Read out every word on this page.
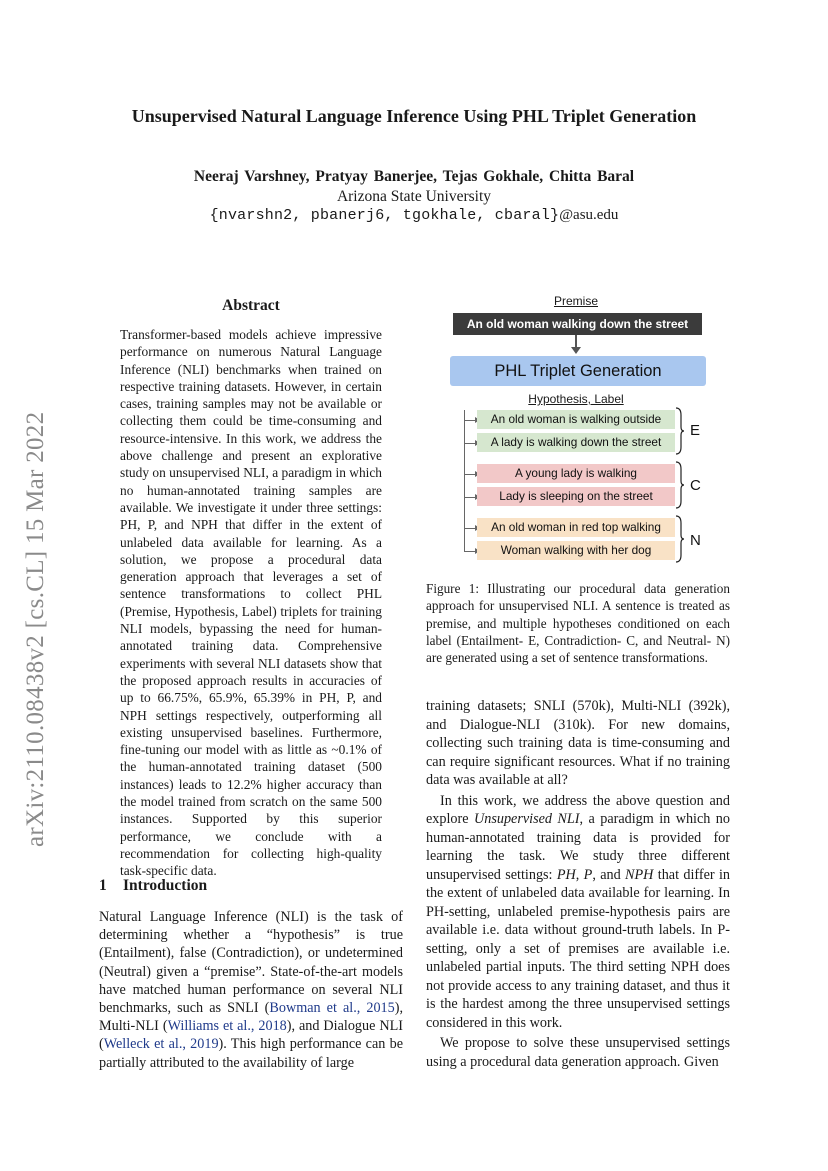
Unsupervised Natural Language Inference Using PHL Triplet Generation
Neeraj Varshney, Pratyay Banerjee, Tejas Gokhale, Chitta Baral
Arizona State University
{nvarshn2, pbanerj6, tgokhale, cbaral}@asu.edu
arXiv:2110.08438v2 [cs.CL] 15 Mar 2022
Abstract
Transformer-based models achieve impressive performance on numerous Natural Language Inference (NLI) benchmarks when trained on respective training datasets. However, in certain cases, training samples may not be available or collecting them could be time-consuming and resource-intensive. In this work, we address the above challenge and present an explorative study on unsupervised NLI, a paradigm in which no human-annotated training samples are available. We investigate it under three settings: PH, P, and NPH that differ in the extent of unlabeled data available for learning. As a solution, we propose a procedural data generation approach that leverages a set of sentence transformations to collect PHL (Premise, Hypothesis, Label) triplets for training NLI models, bypassing the need for human-annotated training data. Comprehensive experiments with several NLI datasets show that the proposed approach results in accuracies of up to 66.75%, 65.9%, 65.39% in PH, P, and NPH settings respectively, outperforming all existing unsupervised baselines. Furthermore, fine-tuning our model with as little as ~0.1% of the human-annotated training dataset (500 instances) leads to 12.2% higher accuracy than the model trained from scratch on the same 500 instances. Supported by this superior performance, we conclude with a recommendation for collecting high-quality task-specific data.
1 Introduction
Natural Language Inference (NLI) is the task of determining whether a “hypothesis” is true (Entailment), false (Contradiction), or undetermined (Neutral) given a “premise”. State-of-the-art models have matched human performance on several NLI benchmarks, such as SNLI (Bowman et al., 2015), Multi-NLI (Williams et al., 2018), and Dialogue NLI (Welleck et al., 2019). This high performance can be partially attributed to the availability of large
Premise
An old woman walking down the street
PHL Triplet Generation
Hypothesis, Label
An old woman is walking outside
A lady is walking down the street
E
A young lady is walking
Lady is sleeping on the street
C
An old woman in red top walking
Woman walking with her dog
N
Figure 1: Illustrating our procedural data generation approach for unsupervised NLI. A sentence is treated as premise, and multiple hypotheses conditioned on each label (Entailment- E, Contradiction- C, and Neutral- N) are generated using a set of sentence transformations.

training datasets; SNLI (570k), Multi-NLI (392k), and Dialogue-NLI (310k). For new domains, collecting such training data is time-consuming and can require significant resources. What if no training data was available at all?

In this work, we address the above question and explore Unsupervised NLI, a paradigm in which no human-annotated training data is provided for learning the task. We study three different unsupervised settings: PH, P, and NPH that differ in the extent of unlabeled data available for learning. In PH-setting, unlabeled premise-hypothesis pairs are available i.e. data without ground-truth labels. In P-setting, only a set of premises are available i.e. unlabeled partial inputs. The third setting NPH does not provide access to any training dataset, and thus it is the hardest among the three unsupervised settings considered in this work.

We propose to solve these unsupervised settings using a procedural data generation approach. Given
